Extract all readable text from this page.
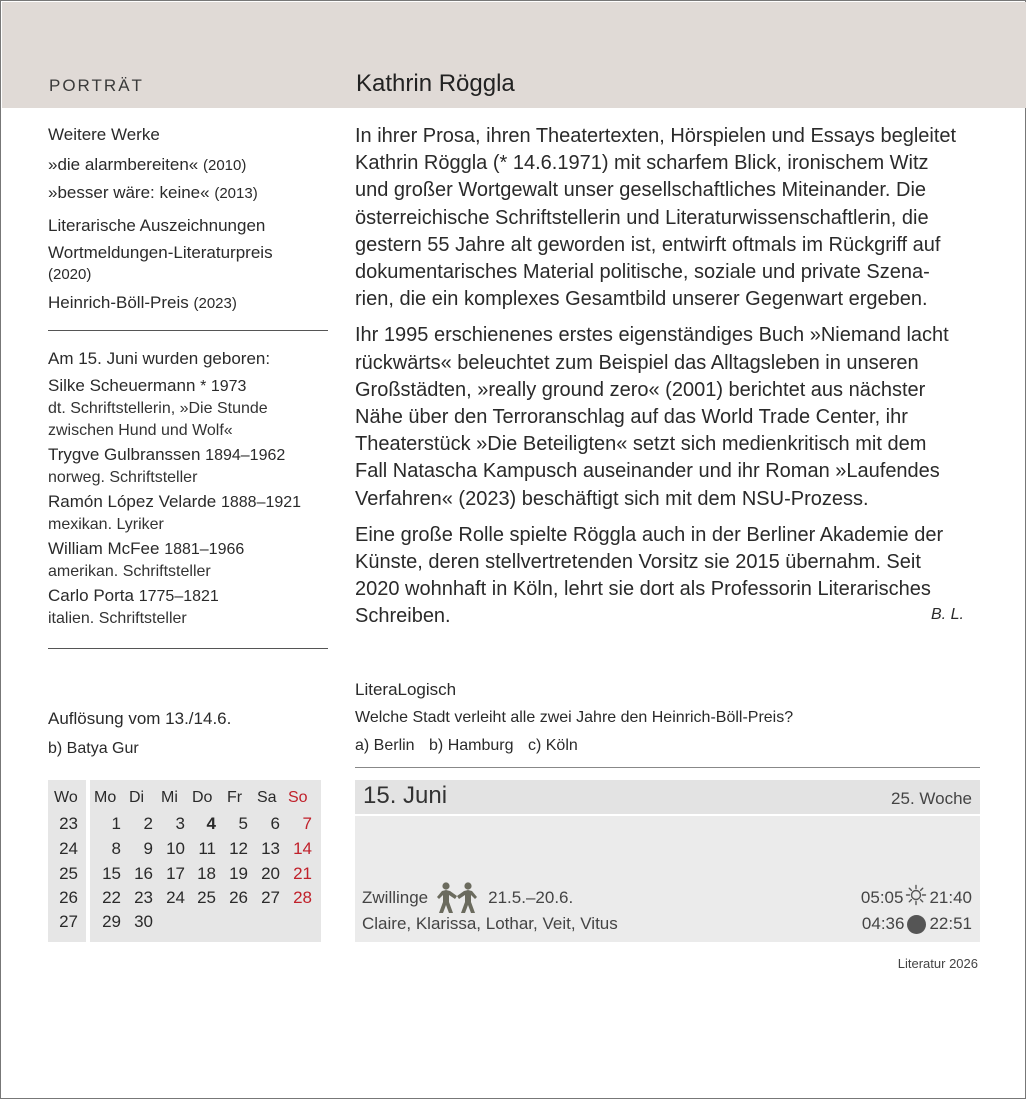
PORTRÄT	Kathrin Röggla
Weitere Werke
»die alarmbereiten« (2010)
»besser wäre: keine« (2013)
Literarische Auszeichnungen
Wortmeldungen-Literaturpreis
(2020)
Heinrich-Böll-Preis (2023)
Am 15. Juni wurden geboren:
Silke Scheuermann * 1973
dt. Schriftstellerin, »Die Stunde zwischen Hund und Wolf«
Trygve Gulbranssen 1894–1962
norweg. Schriftsteller
Ramón López Velarde 1888–1921
mexikan. Lyriker
William McFee 1881–1966
amerikan. Schriftsteller
Carlo Porta 1775–1821
italien. Schriftsteller
Auflösung vom 13./14.6.
b) Batya Gur

In ihrer Prosa, ihren Theatertexten, Hörspielen und Essays begleitet
Kathrin Röggla (* 14.6.1971) mit scharfem Blick, ironischem Witz
und großer Wortgewalt unser gesellschaftliches Miteinander. Die
österreichische Schriftstellerin und Literaturwissenschaftlerin, die
gestern 55 Jahre alt geworden ist, entwirft oftmals im Rückgriff auf
dokumentarisches Material politische, soziale und private Szena-
rien, die ein komplexes Gesamtbild unserer Gegenwart ergeben.

Ihr 1995 erschienenes erstes eigenständiges Buch »Niemand lacht
rückwärts« beleuchtet zum Beispiel das Alltagsleben in unseren
Großstädten, »really ground zero« (2001) berichtet aus nächster
Nähe über den Terroranschlag auf das World Trade Center, ihr
Theaterstück »Die Beteiligten« setzt sich medienkritisch mit dem
Fall Natascha Kampusch auseinander und ihr Roman »Laufendes
Verfahren« (2023) beschäftigt sich mit dem NSU-Prozess.

Eine große Rolle spielte Röggla auch in der Berliner Akademie der
Künste, deren stellvertretenden Vorsitz sie 2015 übernahm. Seit
2020 wohnhaft in Köln, lehrt sie dort als Professorin Literarisches
Schreiben.	B. L.
LiteraLogisch
Welche Stadt verleiht alle zwei Jahre den Heinrich-Böll-Preis?
a) Berlin b) Hamburg c) Köln
Wo Mo Di Mi Do Fr Sa So
23	1	2	3	4	5	6	7
24	8	9 10 11 12 13 14
25	15 16 17 18 19 20 21
26	22 23 24 25 26 27 28
27	29 30
15. Juni	25. Woche
Zwillinge	21.5.–20.6.
Claire, Klarissa, Lothar, Veit, Vitus
05:05 21:40
04:36 22:51
Literatur 2026
